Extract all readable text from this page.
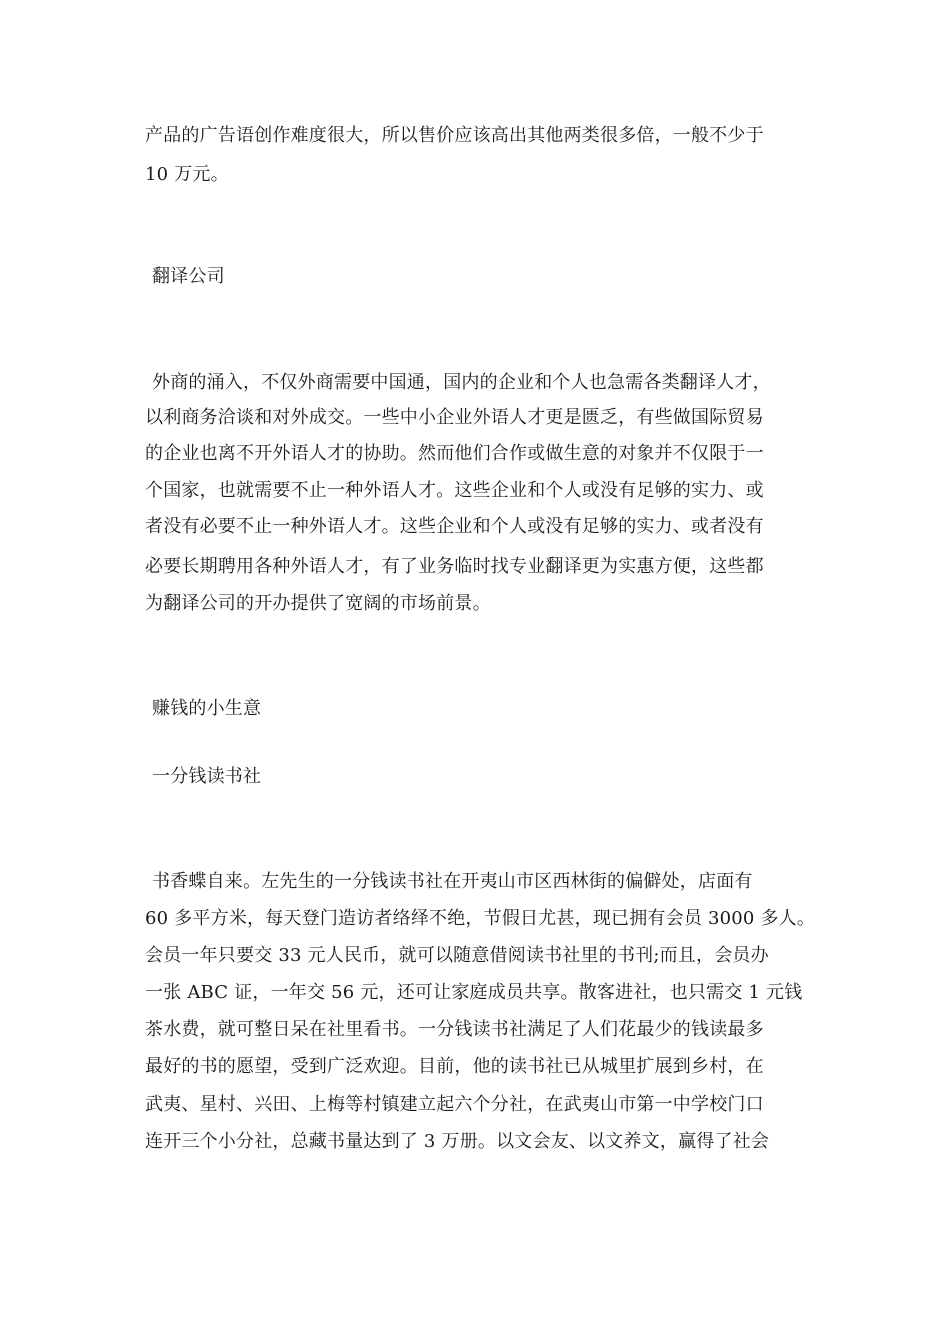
产品的广告语创作难度很大，所以售价应该高出其他两类很多倍，一般不少于
10 万元。
翻译公司
外商的涌入，不仅外商需要中国通，国内的企业和个人也急需各类翻译人才，
以利商务洽谈和对外成交。一些中小企业外语人才更是匮乏，有些做国际贸易
的企业也离不开外语人才的协助。然而他们合作或做生意的对象并不仅限于一
个国家，也就需要不止一种外语人才。这些企业和个人或没有足够的实力、或
者没有必要不止一种外语人才。这些企业和个人或没有足够的实力、或者没有
必要长期聘用各种外语人才，有了业务临时找专业翻译更为实惠方便，这些都
为翻译公司的开办提供了宽阔的市场前景。
赚钱的小生意
一分钱读书社
书香蝶自来。左先生的一分钱读书社在开夷山市区西林街的偏僻处，店面有
60 多平方米，每天登门造访者络绎不绝，节假日尤甚，现已拥有会员 3000 多人。
会员一年只要交 33 元人民币，就可以随意借阅读书社里的书刊;而且，会员办
一张 ABC 证，一年交 56 元，还可让家庭成员共享。散客进社，也只需交 1 元钱
茶水费，就可整日呆在社里看书。一分钱读书社满足了人们花最少的钱读最多
最好的书的愿望，受到广泛欢迎。目前，他的读书社已从城里扩展到乡村，在
武夷、星村、兴田、上梅等村镇建立起六个分社，在武夷山市第一中学校门口
连开三个小分社，总藏书量达到了 3 万册。以文会友、以文养文，赢得了社会
